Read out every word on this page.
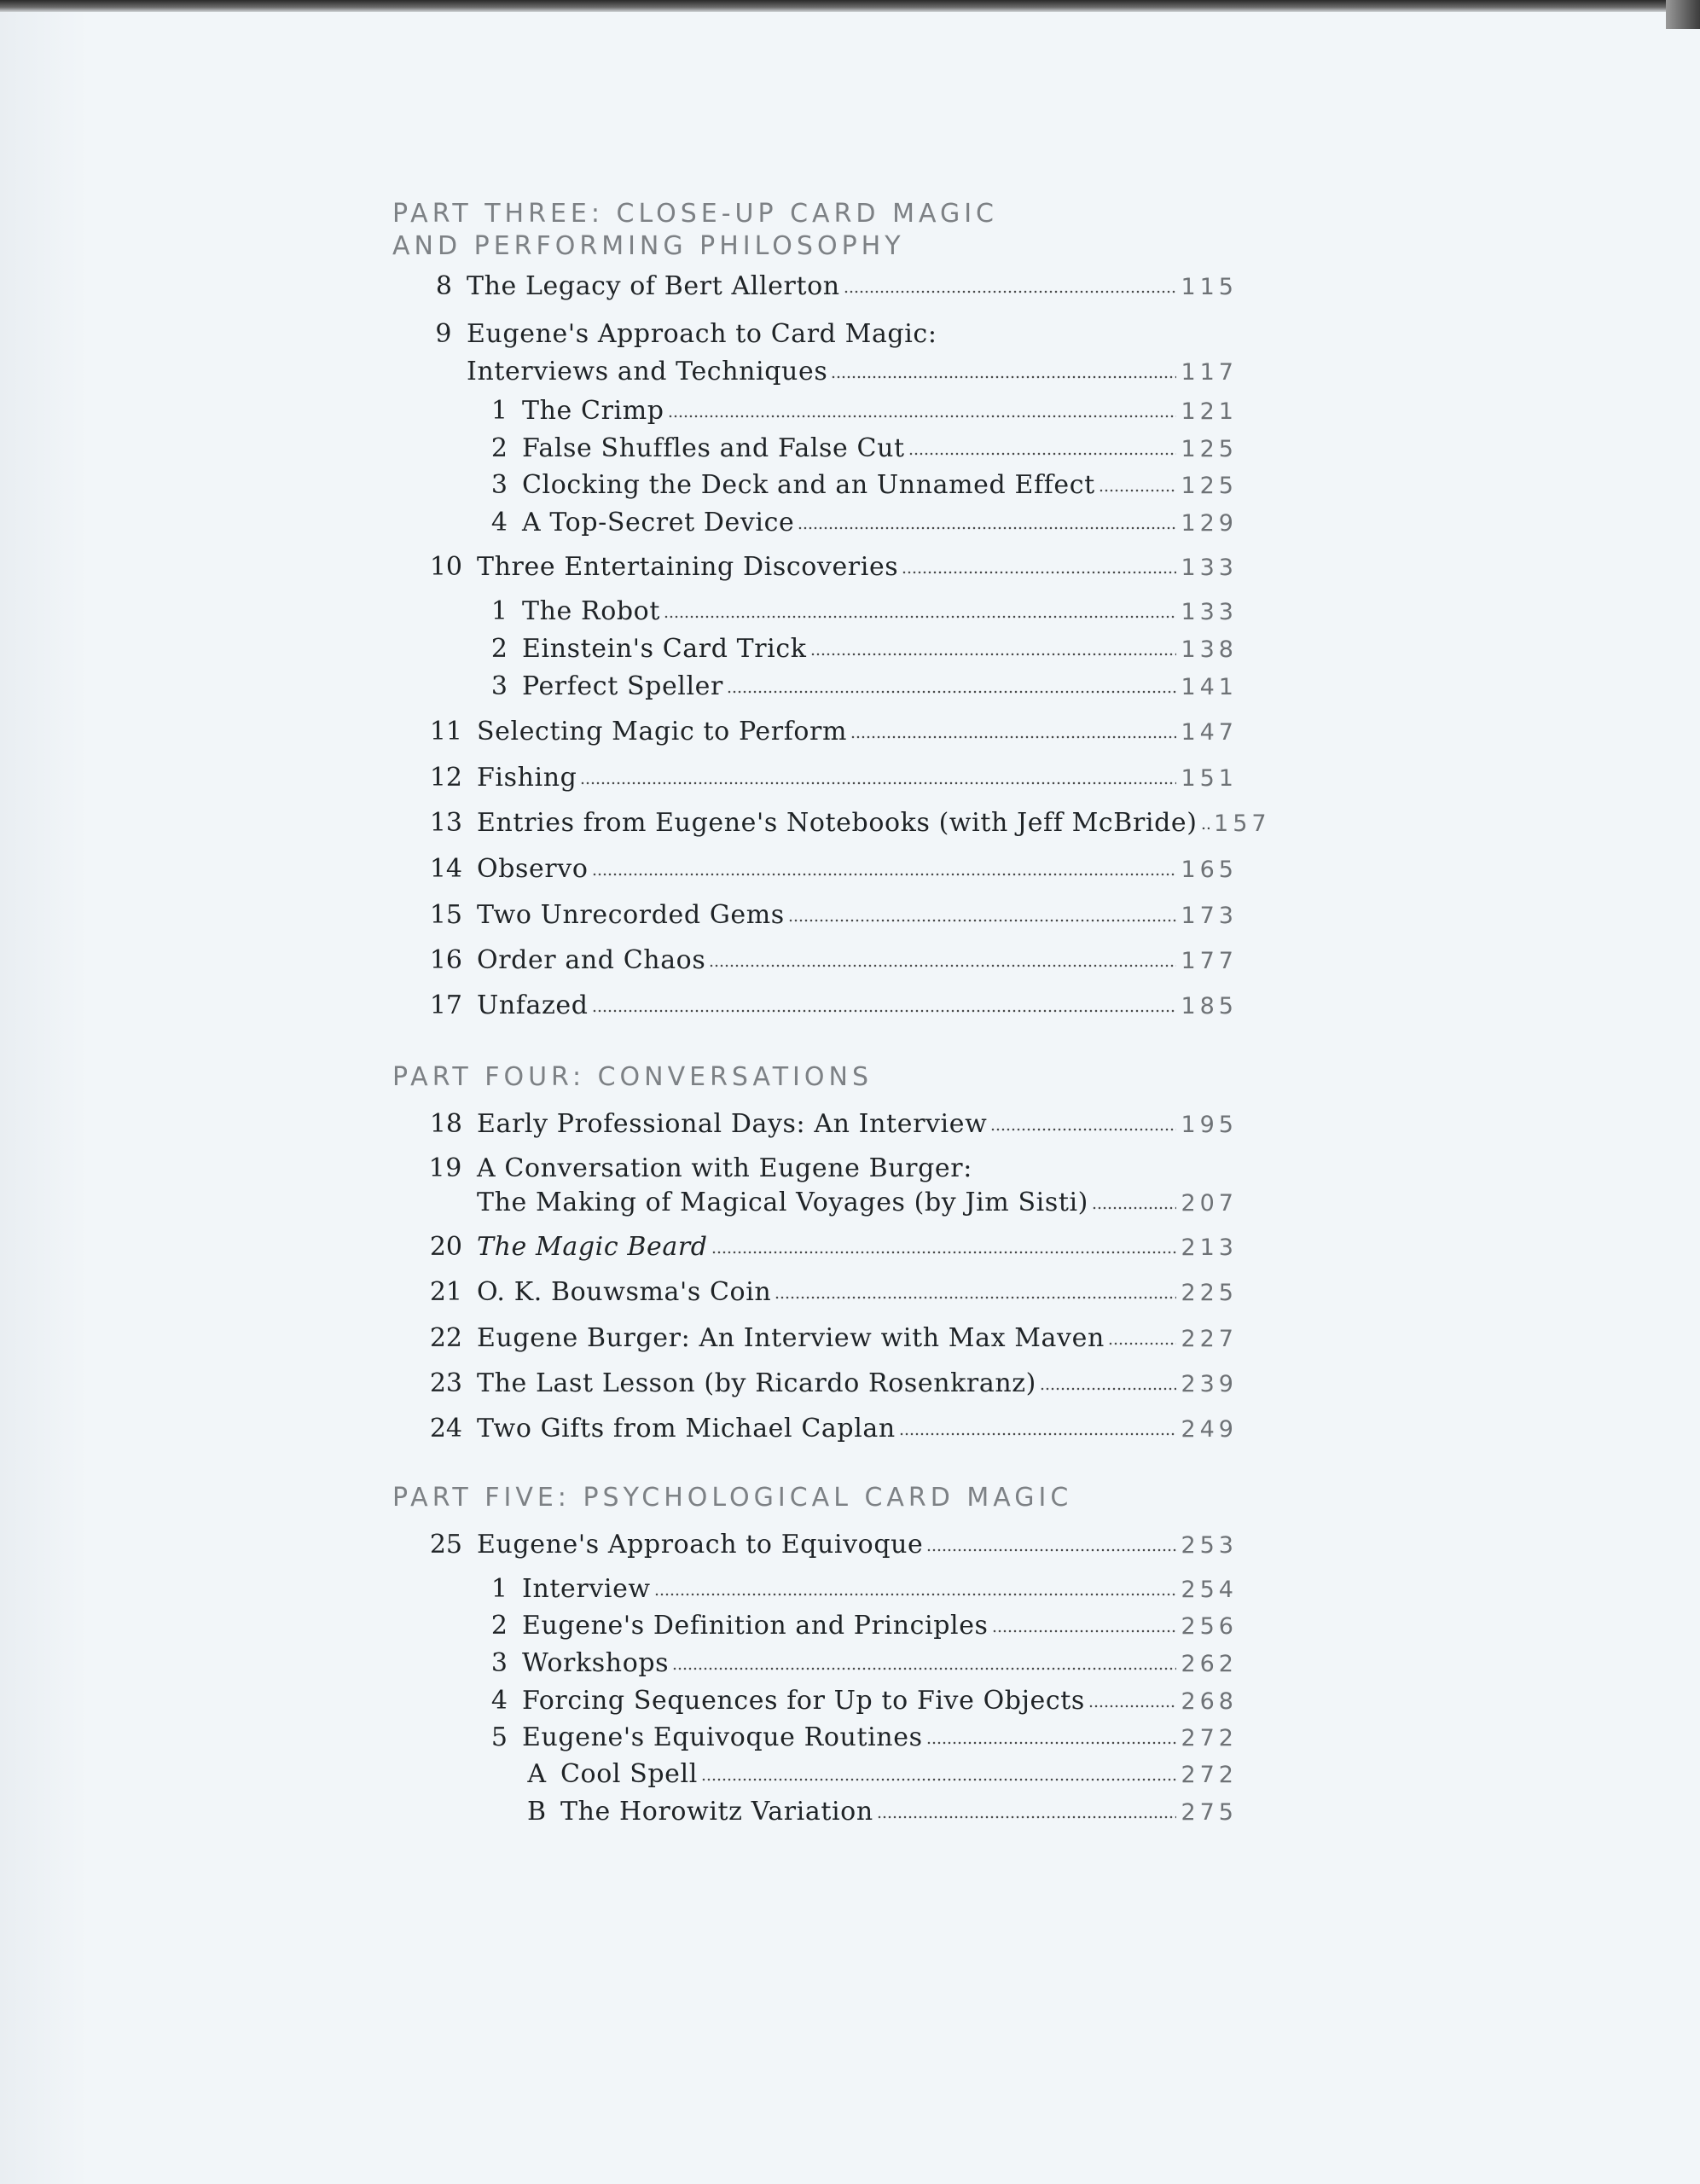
PART THREE: CLOSE-UP CARD MAGIC
AND PERFORMING PHILOSOPHY
8 The Legacy of Bert Allerton	115
9 Eugene's Approach to Card Magic:
Interviews and Techniques	117
1 The Crimp	121
2 False Shuffles and False Cut	125
3 Clocking the Deck and an Unnamed Effect	125
4 A Top-Secret Device	129
10 Three Entertaining Discoveries	133
1 The Robot	133
2 Einstein's Card Trick	138
3 Perfect Speller	141
11 Selecting Magic to Perform	147
12 Fishing	151
13 Entries from Eugene's Notebooks (with Jeff McBride) 157
14 Observo	165
15 Two Unrecorded Gems	173
16 Order and Chaos	177
17 Unfazed	185
PART FOUR: CONVERSATIONS
18 Early Professional Days: An Interview	195
19 A Conversation with Eugene Burger:
The Making of Magical Voyages (by Jim Sisti)	207
20 The Magic Beard	213
21 O. K. Bouwsma's Coin	225
22 Eugene Burger: An Interview with Max Maven	227
23 The Last Lesson (by Ricardo Rosenkranz)	239
24 Two Gifts from Michael Caplan	249
PART FIVE: PSYCHOLOGICAL CARD MAGIC
25 Eugene's Approach to Equivoque	253
1 Interview	254
2 Eugene's Definition and Principles	256
3 Workshops	262
4 Forcing Sequences for Up to Five Objects	268
5 Eugene's Equivoque Routines	272
A Cool Spell	272
B The Horowitz Variation	275
